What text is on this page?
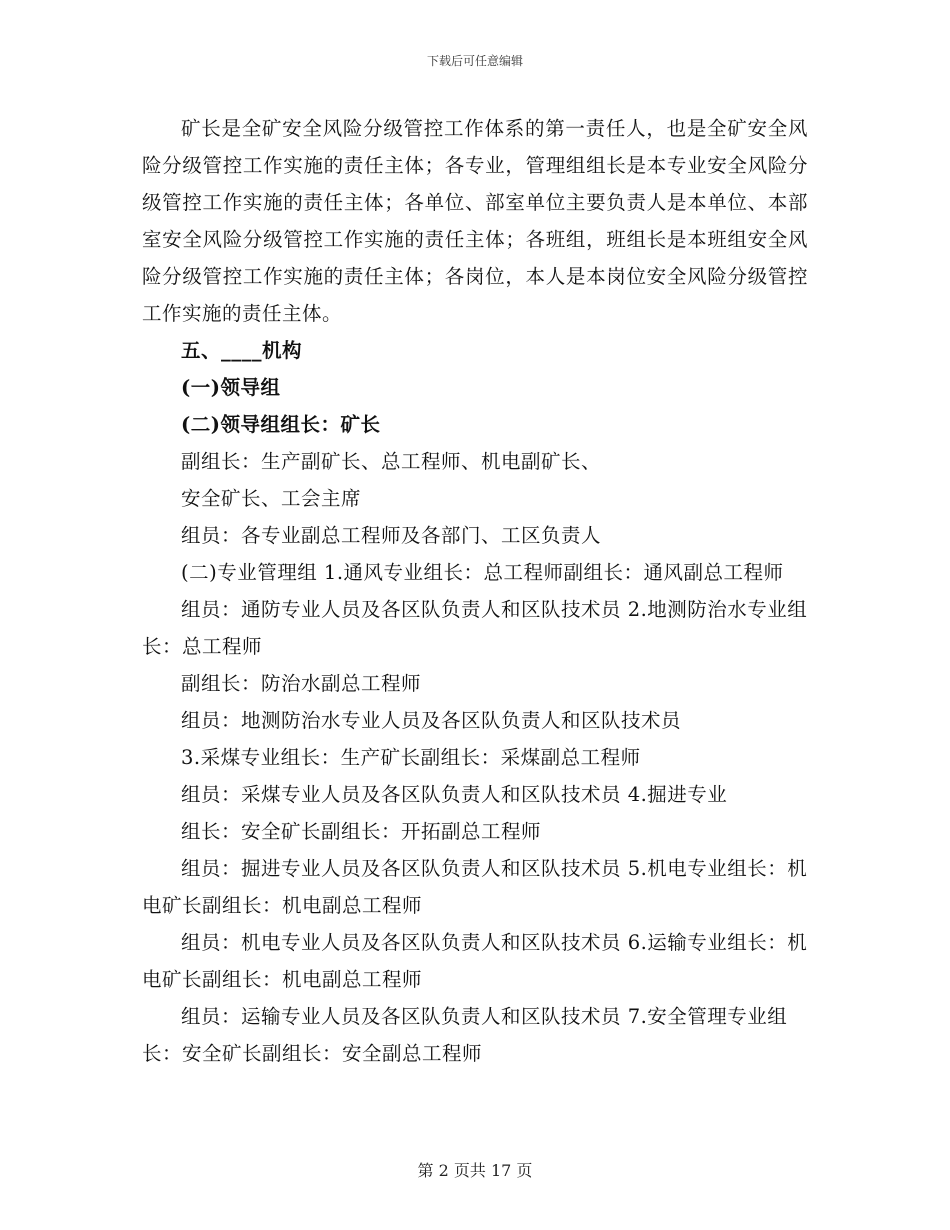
下载后可任意编辑

矿长是全矿安全风险分级管控工作体系的第一责任人，也是全矿安全风险分级管控工作实施的责任主体；各专业，管理组组长是本专业安全风险分级管控工作实施的责任主体；各单位、部室单位主要负责人是本单位、本部室安全风险分级管控工作实施的责任主体；各班组，班组长是本班组安全风险分级管控工作实施的责任主体；各岗位，本人是本岗位安全风险分级管控工作实施的责任主体。

五、____机构

(一)领导组

(二)领导组组长：矿长

副组长：生产副矿长、总工程师、机电副矿长、

安全矿长、工会主席

组员：各专业副总工程师及各部门、工区负责人

(二)专业管理组 1.通风专业组长：总工程师副组长：通风副总工程师

组员：通防专业人员及各区队负责人和区队技术员 2.地测防治水专业组长：总工程师

副组长：防治水副总工程师

组员：地测防治水专业人员及各区队负责人和区队技术员

3.采煤专业组长：生产矿长副组长：采煤副总工程师

组员：采煤专业人员及各区队负责人和区队技术员 4.掘进专业

组长：安全矿长副组长：开拓副总工程师

组员：掘进专业人员及各区队负责人和区队技术员 5.机电专业组长：机电矿长副组长：机电副总工程师

组员：机电专业人员及各区队负责人和区队技术员 6.运输专业组长：机电矿长副组长：机电副总工程师

组员：运输专业人员及各区队负责人和区队技术员 7.安全管理专业组长：安全矿长副组长：安全副总工程师

第 2 页共 17 页
